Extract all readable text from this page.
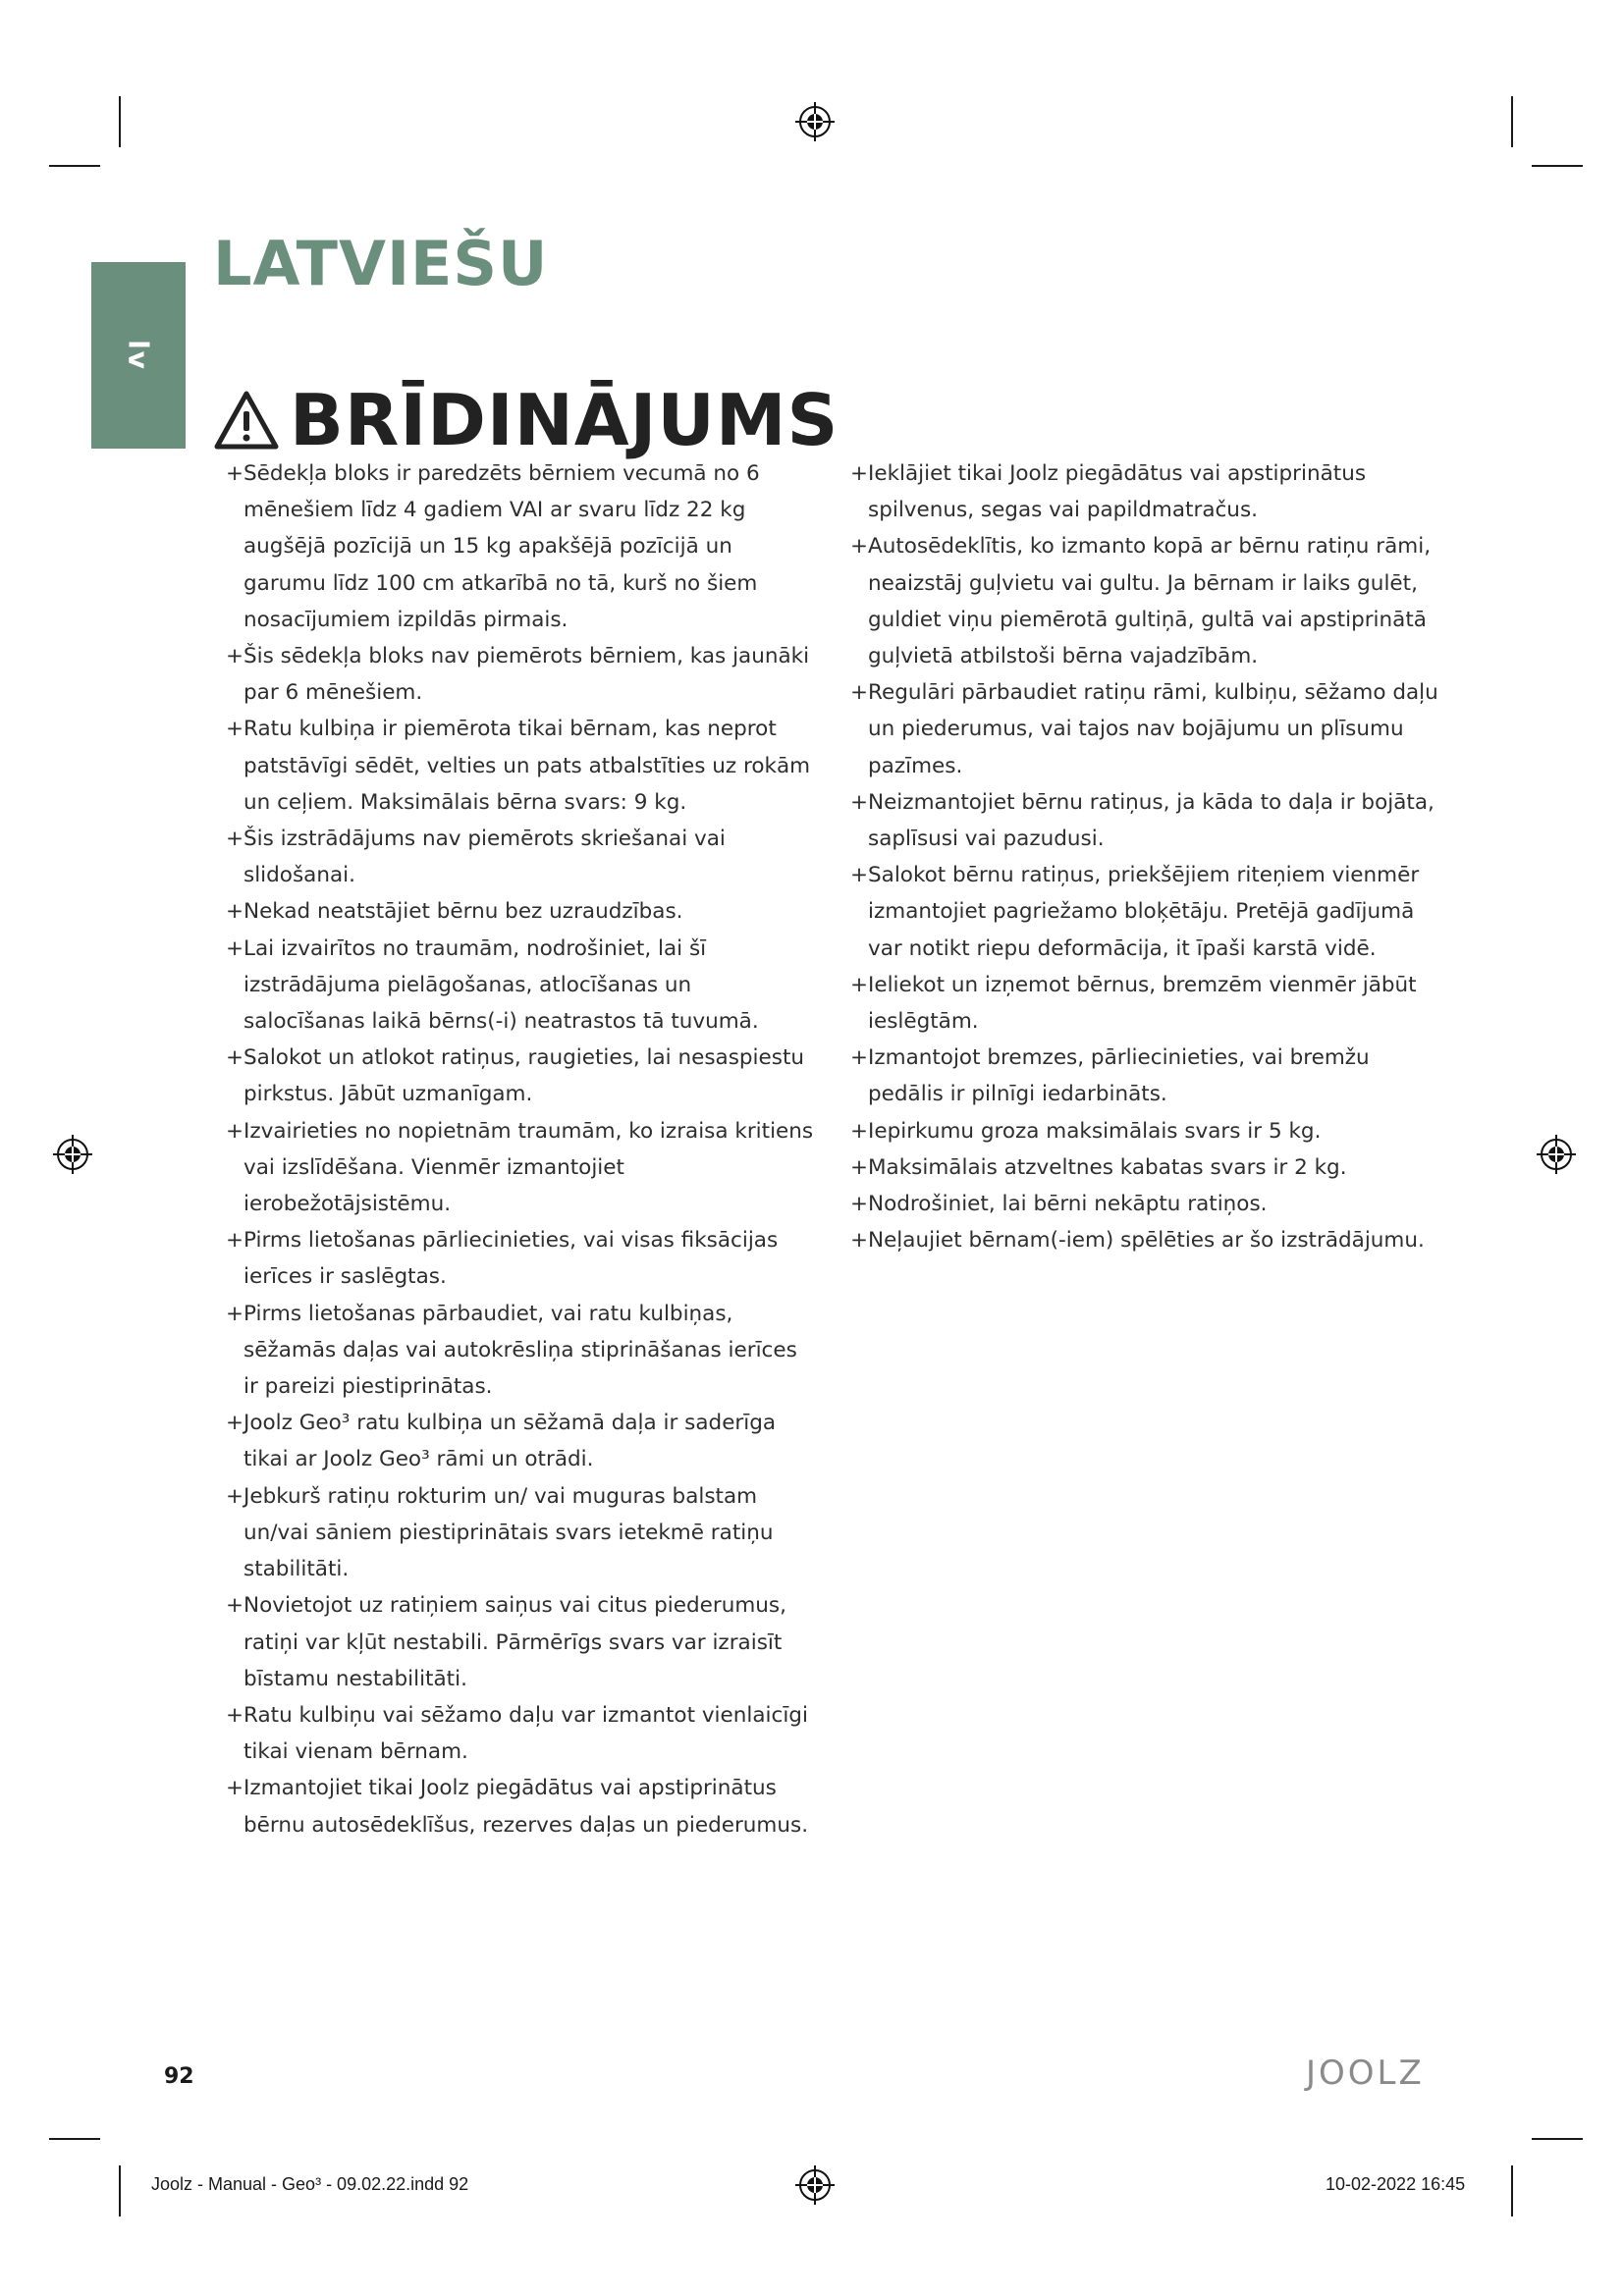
lv
LATVIEŠU
BRĪDINĀJUMS
+ Sēdekļa bloks ir paredzēts bērniem vecumā no 6 mēnešiem līdz 4 gadiem VAI ar svaru līdz 22 kg augšējā pozīcijā un 15 kg apakšējā pozīcijā un garumu līdz 100 cm atkarībā no tā, kurš no šiem nosacījumiem izpildās pirmais.
+ Šis sēdekļa bloks nav piemērots bērniem, kas jaunāki par 6 mēnešiem.
+ Ratu kulbiņa ir piemērota tikai bērnam, kas neprot patstāvīgi sēdēt, velties un pats atbalstīties uz rokām un ceļiem. Maksimālais bērna svars: 9 kg.
+ Šis izstrādājums nav piemērots skriešanai vai slidošanai.
+ Nekad neatstājiet bērnu bez uzraudzības.
+ Lai izvairītos no traumām, nodrošiniet, lai šī izstrādājuma pielāgošanas, atlocīšanas un salocīšanas laikā bērns(-i) neatrastos tā tuvumā.
+ Salokot un atlokot ratiņus, raugieties, lai nesaspiestu pirkstus. Jābūt uzmanīgam.
+ Izvairieties no nopietnām traumām, ko izraisa kritiens vai izslīdēšana. Vienmēr izmantojiet ierobežotājsistēmu.
+ Pirms lietošanas pārliecinieties, vai visas fiksācijas ierīces ir saslēgtas.
+ Pirms lietošanas pārbaudiet, vai ratu kulbiņas, sēžamās daļas vai autokrēsliņa stiprināšanas ierīces ir pareizi piestiprinātas.
+ Joolz Geo³ ratu kulbiņa un sēžamā daļa ir saderīga tikai ar Joolz Geo³ rāmi un otrādi.
+ Jebkurš ratiņu rokturim un/ vai muguras balstam un/vai sāniem piestiprinātais svars ietekmē ratiņu stabilitāti.
+ Novietojot uz ratiņiem saiņus vai citus piederumus, ratiņi var kļūt nestabili. Pārmērīgs svars var izraisīt bīstamu nestabilitāti.
+ Ratu kulbiņu vai sēžamo daļu var izmantot vienlaicīgi tikai vienam bērnam.
+ Izmantojiet tikai Joolz piegādātus vai apstiprinātus bērnu autosēdeklīšus, rezerves daļas un piederumus.
+ Ieklājiet tikai Joolz piegādātus vai apstiprinātus spilvenus, segas vai papildmatračus.
+ Autosēdeklītis, ko izmanto kopā ar bērnu ratiņu rāmi, neaizstāj guļvietu vai gultu. Ja bērnam ir laiks gulēt, guldiet viņu piemērotā gultiņā, gultā vai apstiprinātā guļvietā atbilstoši bērna vajadzībām.
+ Regulāri pārbaudiet ratiņu rāmi, kulbiņu, sēžamo daļu un piederumus, vai tajos nav bojājumu un plīsumu pazīmes.
+ Neizmantojiet bērnu ratiņus, ja kāda to daļa ir bojāta, saplīsusi vai pazudusi.
+ Salokot bērnu ratiņus, priekšējiem riteņiem vienmēr izmantojiet pagriežamo bloķētāju. Pretējā gadījumā var notikt riepu deformācija, it īpaši karstā vidē.
+ Ieliekot un izņemot bērnus, bremzēm vienmēr jābūt ieslēgtām.
+ Izmantojot bremzes, pārliecinieties, vai bremžu pedālis ir pilnīgi iedarbināts.
+ Iepirkumu groza maksimālais svars ir 5 kg.
+ Maksimālais atzveltnes kabatas svars ir 2 kg.
+ Nodrošiniet, lai bērni nekāptu ratiņos.
+ Neļaujiet bērnam(-iem) spēlēties ar šo izstrādājumu.
92	JOOLZ
Joolz - Manual - Geo³ - 09.02.22.indd 92	10-02-2022 16:45
